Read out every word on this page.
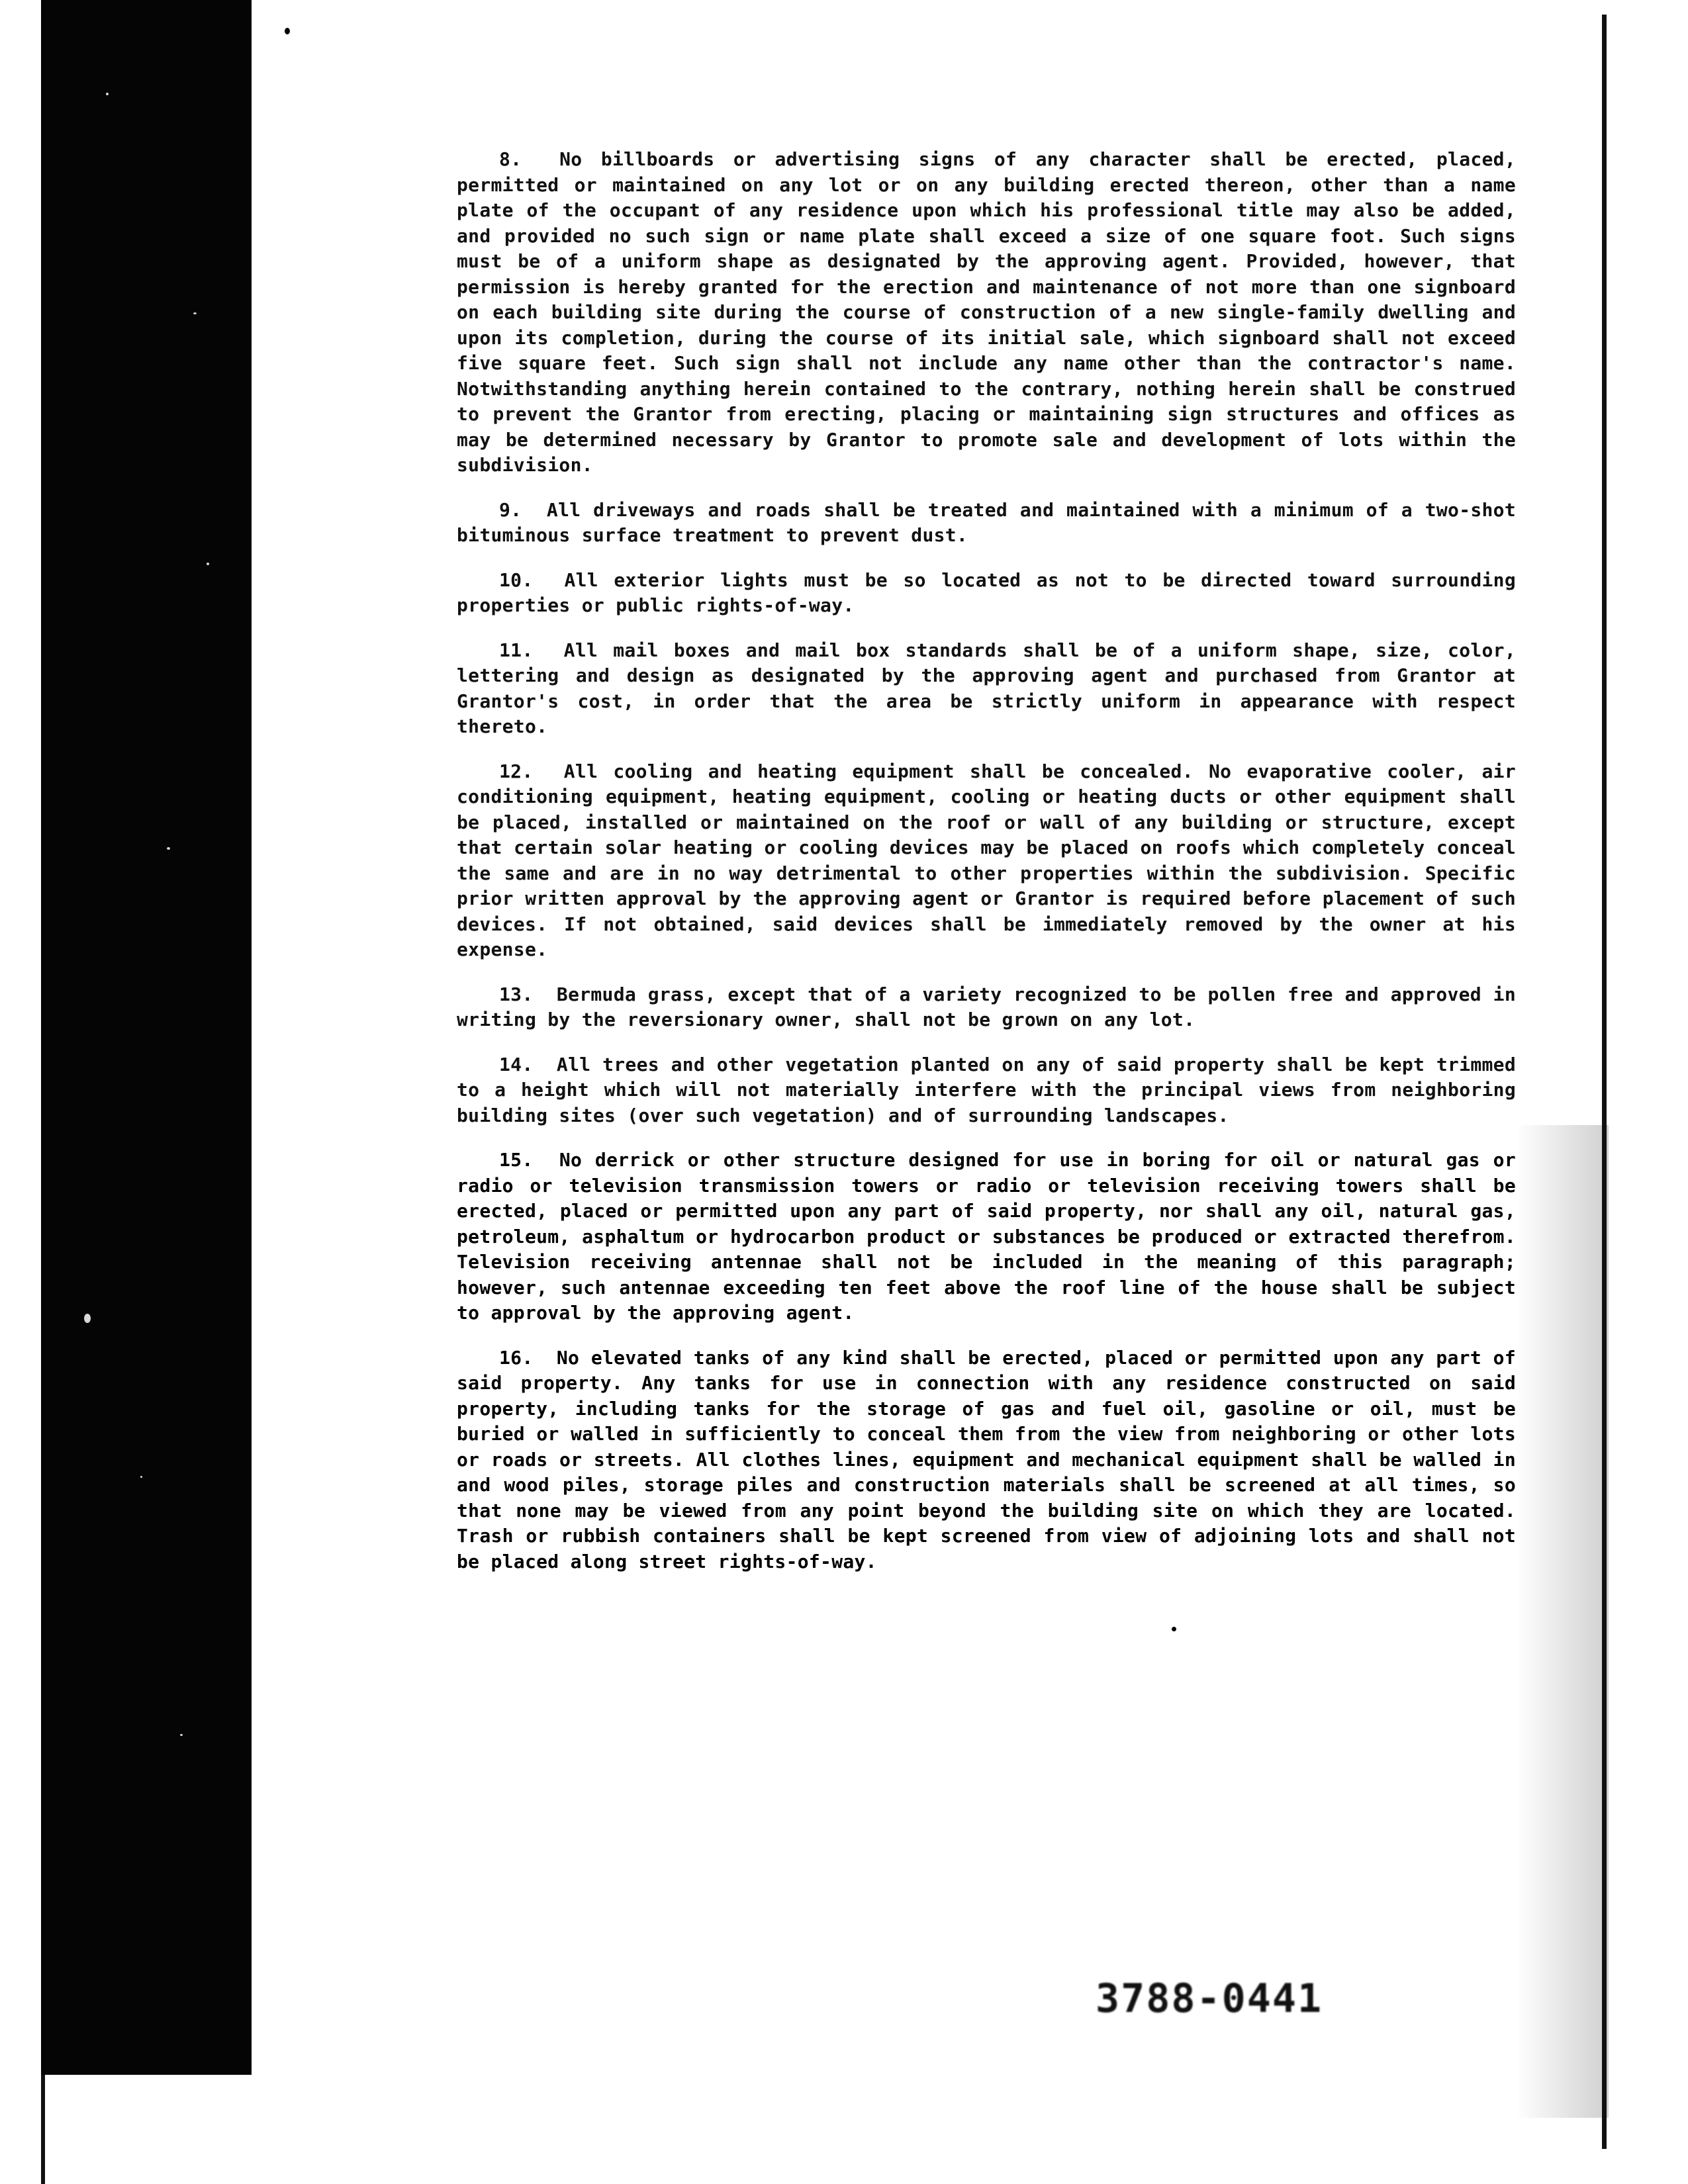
8. No billboards or advertising signs of any character shall be erected, placed, permitted or maintained on any lot or on any building erected thereon, other than a name plate of the occupant of any residence upon which his professional title may also be added, and provided no such sign or name plate shall exceed a size of one square foot. Such signs must be of a uniform shape as designated by the approving agent. Provided, however, that permission is hereby granted for the erection and maintenance of not more than one signboard on each building site during the course of construction of a new single-family dwelling and upon its completion, during the course of its initial sale, which signboard shall not exceed five square feet. Such sign shall not include any name other than the contractor's name. Notwithstanding anything herein contained to the contrary, nothing herein shall be construed to prevent the Grantor from erecting, placing or maintaining sign structures and offices as may be determined necessary by Grantor to promote sale and development of lots within the subdivision.

9. All driveways and roads shall be treated and maintained with a minimum of a two-shot bituminous surface treatment to prevent dust.

10. All exterior lights must be so located as not to be directed toward surrounding properties or public rights-of-way.

11. All mail boxes and mail box standards shall be of a uniform shape, size, color, lettering and design as designated by the approving agent and purchased from Grantor at Grantor's cost, in order that the area be strictly uniform in appearance with respect thereto.

12. All cooling and heating equipment shall be concealed. No evaporative cooler, air conditioning equipment, heating equipment, cooling or heating ducts or other equipment shall be placed, installed or maintained on the roof or wall of any building or structure, except that certain solar heating or cooling devices may be placed on roofs which completely conceal the same and are in no way detrimental to other properties within the subdivision. Specific prior written approval by the approving agent or Grantor is required before placement of such devices. If not obtained, said devices shall be immediately removed by the owner at his expense.

13. Bermuda grass, except that of a variety recognized to be pollen free and approved in writing by the reversionary owner, shall not be grown on any lot.

14. All trees and other vegetation planted on any of said property shall be kept trimmed to a height which will not materially interfere with the principal views from neighboring building sites (over such vegetation) and of surrounding landscapes.

15. No derrick or other structure designed for use in boring for oil or natural gas or radio or television transmission towers or radio or television receiving towers shall be erected, placed or permitted upon any part of said property, nor shall any oil, natural gas, petroleum, asphaltum or hydrocarbon product or substances be produced or extracted therefrom. Television receiving antennae shall not be included in the meaning of this paragraph; however, such antennae exceeding ten feet above the roof line of the house shall be subject to approval by the approving agent.

16. No elevated tanks of any kind shall be erected, placed or permitted upon any part of said property. Any tanks for use in connection with any residence constructed on said property, including tanks for the storage of gas and fuel oil, gasoline or oil, must be buried or walled in sufficiently to conceal them from the view from neighboring or other lots or roads or streets. All clothes lines, equipment and mechanical equipment shall be walled in and wood piles, storage piles and construction materials shall be screened at all times, so that none may be viewed from any point beyond the building site on which they are located. Trash or rubbish containers shall be kept screened from view of adjoining lots and shall not be placed along street rights-of-way.

3788-0441
